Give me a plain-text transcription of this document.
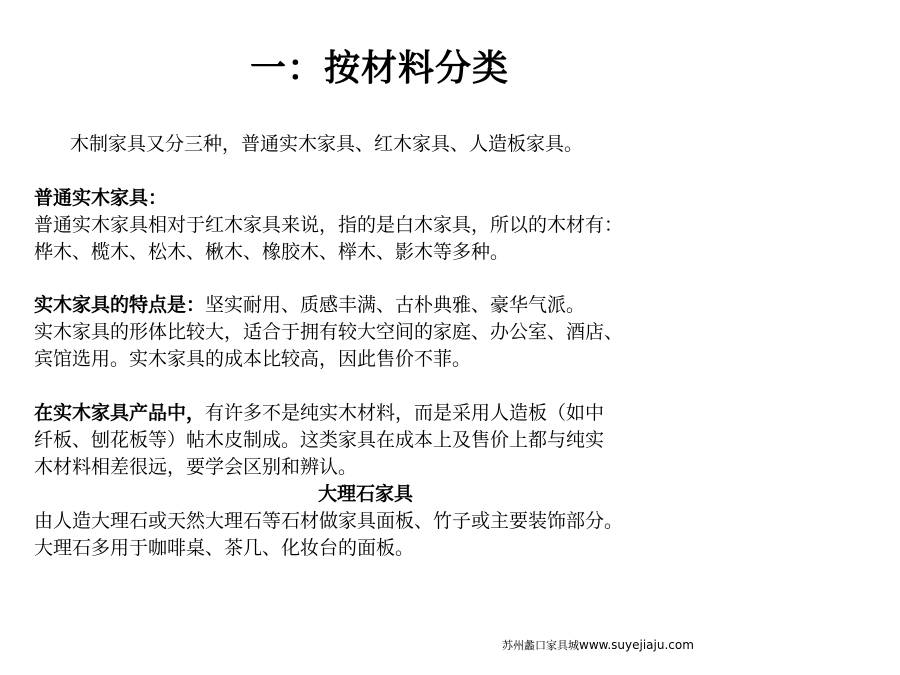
一：按材料分类
木制家具又分三种，普通实木家具、红木家具、人造板家具。
普通实木家具：
普通实木家具相对于红木家具来说，指的是白木家具，所以的木材有：
桦木、榄木、松木、楸木、橡胶木、榉木、影木等多种。
实木家具的特点是：坚实耐用、质感丰满、古朴典雅、豪华气派。
实木家具的形体比较大，适合于拥有较大空间的家庭、办公室、酒店、
宾馆选用。实木家具的成本比较高，因此售价不菲。
在实木家具产品中，有许多不是纯实木材料，而是采用人造板（如中
纤板、刨花板等）帖木皮制成。这类家具在成本上及售价上都与纯实
木材料相差很远，要学会区别和辨认。
大理石家具
由人造大理石或天然大理石等石材做家具面板、竹子或主要装饰部分。
大理石多用于咖啡桌、茶几、化妆台的面板。
苏州蠡口家具城www.suyejiaju.com
